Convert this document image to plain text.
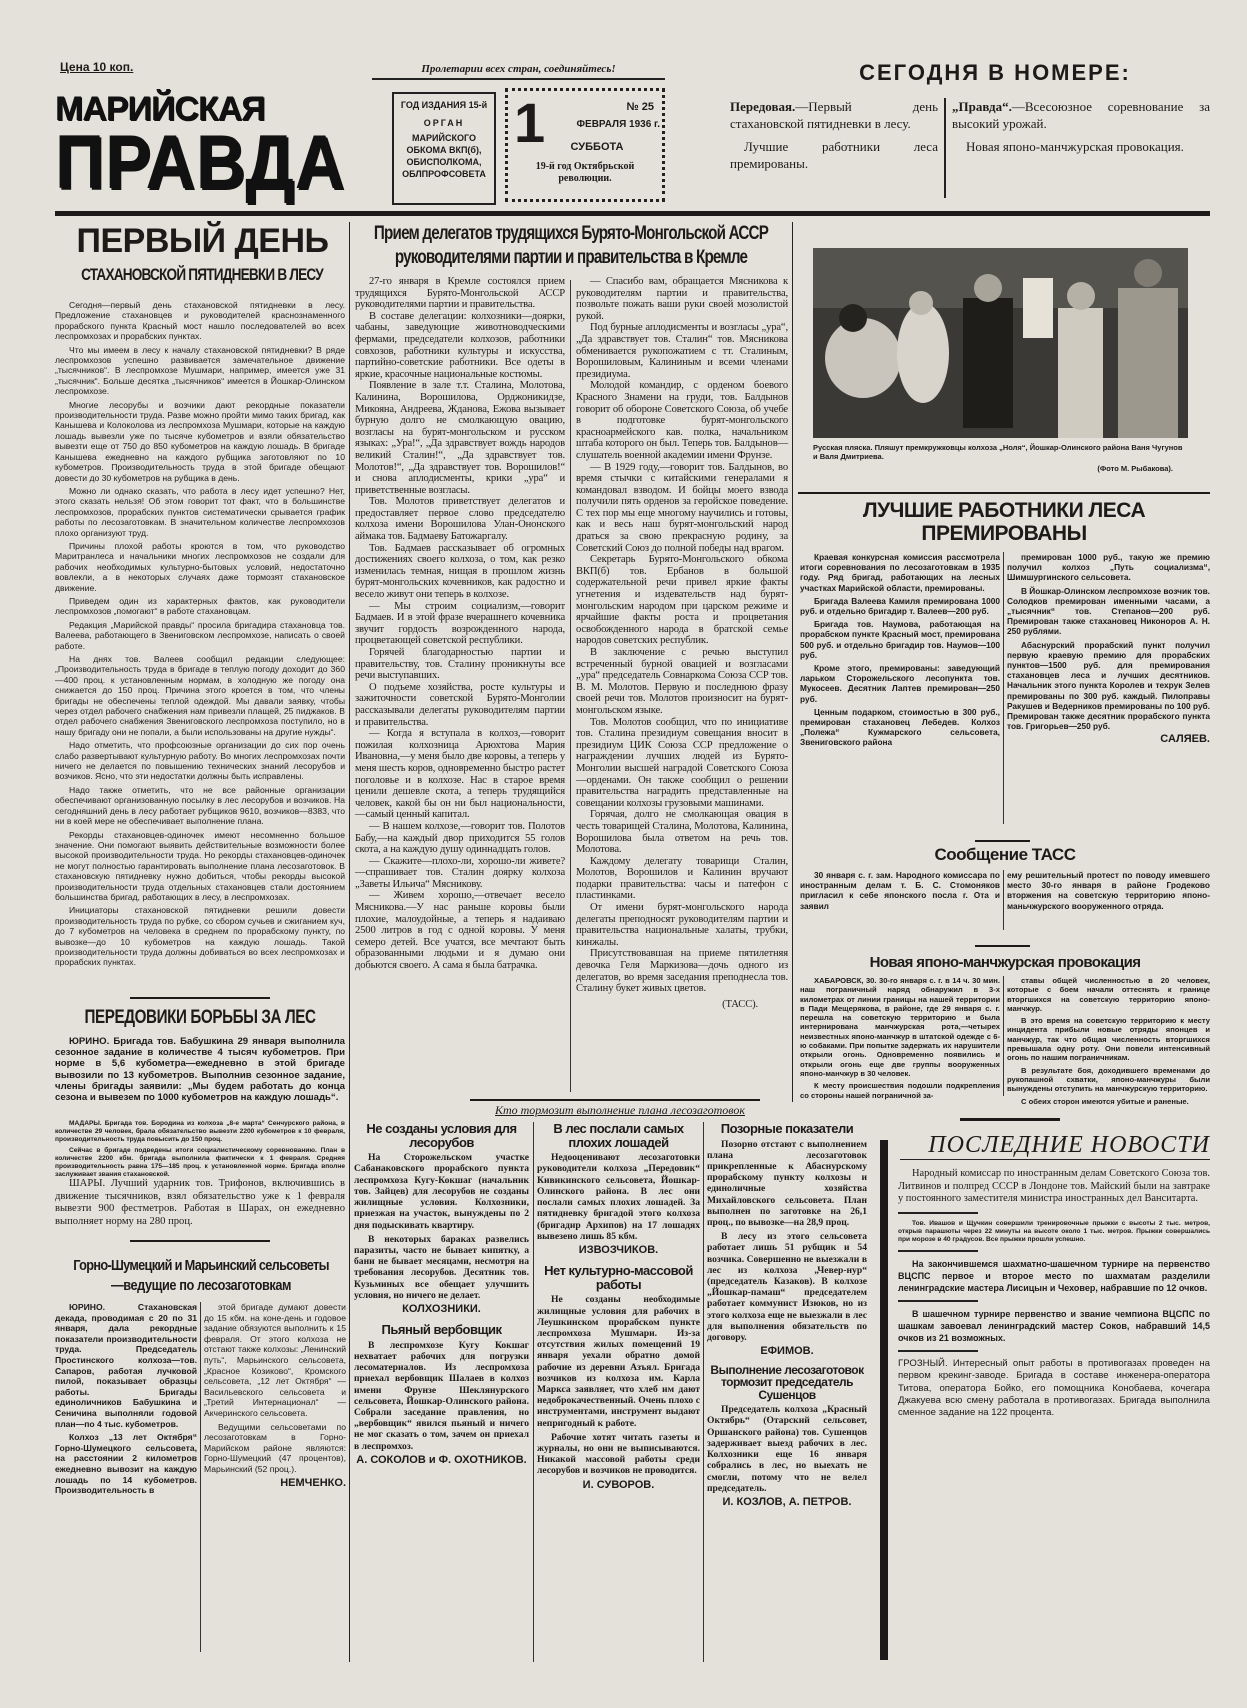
Цена 10 коп.	Пролетарии всех стран, соединяйтесь!
МАРИЙСКАЯ
ПРАВДА
ГОД ИЗДАНИЯ 15-й
ОРГАН
МАРИЙСКОГО ОБКОМА ВКП(б), ОБИСПОЛКОМА, ОБЛПРОФСОВЕТА
1	№ 25
ФЕВРАЛЯ 1936 г.
СУББОТА
19-й год Октябрьской революции.
СЕГОДНЯ В НОМЕРЕ:
Передовая.—Первый день стахановской пятидневки в лесу.
Лучшие работники леса премированы.
„Правда“.—Всесоюзное соревнование за высокий урожай.
Новая японо-манчжурская провокация.
ПЕРВЫЙ ДЕНЬ
СТАХАНОВСКОЙ ПЯТИДНЕВКИ В ЛЕСУ

Сегодня—первый день стахановской пятидневки в лесу. Предложение стахановцев и руководителей краснознаменного прорабского пункта Красный мост нашло последователей во всех леспромхозах и прорабских пунктах.

Что мы имеем в лесу к началу стахановской пятидневки? В ряде леспромхозов успешно развивается замечательное движение „тысячников“. В леспромхозе Мушмари, например, имеется уже 31 „тысячник“. Больше десятка „тысячников“ имеется в Йошкар-Олинском леспромхозе.

Многие лесорубы и возчики дают рекордные показатели производительности труда. Разве можно пройти мимо таких бригад, как Канышева и Колоколова из леспромхоза Мушмари, которые на каждую лошадь вывезли уже по тысяче кубометров и взяли обязательство вывезти еще от 750 до 850 кубометров на каждую лошадь. В бригаде Канышева ежедневно на каждого рубщика заготовляют по 10 кубометров. Производительность труда в этой бригаде обещают довести до 30 кубометров на рубщика в день.

Можно ли однако сказать, что работа в лесу идет успешно? Нет, этого сказать нельзя! Об этом говорит тот факт, что в большинстве леспромхозов, прорабских пунктов систематически срывается график работы по лесозаготовкам. В значительном количестве леспромхозов плохо организуют труд.

Причины плохой работы кроются в том, что руководство Маритранлеса и начальники многих леспромхозов не создали для рабочих необходимых культурно-бытовых условий, недостаточно вовлекли, а в некоторых случаях даже тормозят стахановское движение.

Приведем один из характерных фактов, как руководители леспромхозов „помогают“ в работе стахановцам.

Редакция „Марийской правды“ просила бригадира стахановца тов. Валеева, работающего в Звениговском леспромхозе, написать о своей работе.

На днях тов. Валеев сообщил редакции следующее: „Производительность труда в бригаде в теплую погоду доходит до 360—400 проц. к установленным нормам, в холодную же погоду она снижается до 150 проц. Причина этого кроется в том, что члены бригады не обеспечены теплой одеждой. Мы давали заявку, чтобы через отдел рабочего снабжения нам привезли плащей, 25 пиджаков. В отдел рабочего снабжения Звениговского леспромхоза поступило, но в нашу бригаду они не попали, а были использованы на другие нужды“.

Надо отметить, что профсоюзные организации до сих пор очень слабо развертывают культурную работу. Во многих леспромхозах почти ничего не делается по повышению технических знаний лесорубов и возчиков. Ясно, что эти недостатки должны быть исправлены.

Надо также отметить, что не все районные организации обеспечивают организованную посылку в лес лесорубов и возчиков. На сегодняшний день в лесу работает рубщиков 9610, возчиков—8383, что ни в коей мере не обеспечивает выполнение плана.

Рекорды стахановцев-одиночек имеют несомненно большое значение. Они помогают выявить действительные возможности более высокой производительности труда. Но рекорды стахановцев-одиночек не могут полностью гарантировать выполнение плана лесозаготовок. В стахановскую пятидневку нужно добиться, чтобы рекорды высокой производительности труда отдельных стахановцев стали достоянием большинства бригад, работающих в лесу, в леспромхозах.

Инициаторы стахановской пятидневки решили довести производительность труда по рубке, со сбором сучьев и сжиганием куч, до 7 кубометров на человека в среднем по прорабскому пункту, по вывозке—до 10 кубометров на каждую лошадь. Такой производительности труда должны добиваться во всех леспромхозах и прорабских пунктах.

ПЕРЕДОВИКИ БОРЬБЫ ЗА ЛЕС

ЮРИНО. Бригада тов. Бабушкина 29 января выполнила сезонное задание в количестве 4 тысяч кубометров. При норме в 5,6 кубометра—ежедневно в этой бригаде вывозили по 13 кубометров. Выполнив сезонное задание, члены бригады заявили: „Мы будем работать до конца сезона и вывезем по 1000 кубометров на каждую лошадь“.

МАДАРЫ. Бригада тов. Бородина из колхоза „8-е марта“ Сенчурского района, в количестве 29 человек, брала обязательство вывезти 2200 кубометров к 10 февраля, производительность труда повысить до 150 проц.

Сейчас в бригаде подведены итоги социалистическому соревнованию. План в количестве 2200 кбм. бригада выполнила фактически к 1 февраля. Средняя производительность равна 175—185 проц. к установленной норме. Бригада вполне заслуживает звания стахановской.

ШАРЫ. Лучший ударник тов. Трифонов, включившись в движение тысячников, взял обязательство уже к 1 февраля вывезти 900 фестметров. Работая в Шарах, он ежедневно выполняет норму на 280 проц.

Горно-Шумецкий и Марьинский сельсоветы
—ведущие по лесозаготовкам

ЮРИНО. Стахановская декада, проводимая с 20 по 31 января, дала рекордные показатели производительности труда. Председатель Простинского колхоза—тов. Сапаров, работая лучковой пилой, показывает образцы работы. Бригады единоличников Бабушкина и Сеничина выполняли годовой план—по 4 тыс. кубометров.

Колхоз „13 лет Октября“ Горно-Шумецкого сельсовета, на расстоянии 2 километров ежедневно вывозит на каждую лошадь по 14 кубометров. Производительность в

этой бригаде думают довести до 15 кбм. на коне-день и годовое задание обязуются выполнить к 15 февраля. От этого колхоза не отстают также колхозы: „Ленинский путь“, Марьинского сельсовета, „Красное Козиково“, Кромского сельсовета, „12 лет Октября“ — Васильевского сельсовета и „Третий Интернационал“ — Акчеринского сельсовета.

Ведущими сельсоветами по лесозаготовкам в Горно-Марийском районе являются: Горно-Шумецкий (47 процентов), Марьинский (52 проц.).

НЕМЧЕНКО.
Прием делегатов трудящихся Бурято-Монгольской АССР
руководителями партии и правительства в Кремле

27-го января в Кремле состоялся прием трудящихся Бурято-Монгольской АССР руководителями партии и правительства.

В составе делегации: колхозники—доярки, чабаны, заведующие животноводческими фермами, председатели колхозов, работники совхозов, работники культуры и искусства, партийно-советские работники. Все одеты в яркие, красочные национальные костюмы.

Появление в зале т.т. Сталина, Молотова, Калинина, Ворошилова, Орджоникидзе, Микояна, Андреева, Жданова, Ежова вызывает бурную долго не смолкающую овацию, возгласы на бурят-монгольском и русском языках: „Ура!“, „Да здравствует вождь народов великий Сталин!“, „Да здравствует тов. Молотов!“, „Да здравствует тов. Ворошилов!“ и снова аплодисменты, крики „ура“ и приветственные возгласы.

Тов. Молотов приветствует делегатов и предоставляет первое слово председателю колхоза имени Ворошилова Улан-Ононского аймака тов. Бадмаеву Батожаргалу.

Тов. Бадмаев рассказывает об огромных достижениях своего колхоза, о том, как резко изменилась темная, нищая в прошлом жизнь бурят-монгольских кочевников, как радостно и весело живут они теперь в колхозе.

— Мы строим социализм,—говорит Бадмаев. И в этой фразе вчерашнего кочевника звучит гордость возрожденного народа, процветающей советской республики.

Горячей благодарностью партии и правительству, тов. Сталину проникнуты все речи выступавших.

О подъеме хозяйства, росте культуры и зажиточности советской Бурято-Монголии рассказывали делегаты руководителям партии и правительства.

— Когда я вступала в колхоз,—говорит пожилая колхозница Арюхтова Мария Ивановна,—у меня было две коровы, а теперь у меня шесть коров, одновременно быстро растет поголовье и в колхозе. Нас в старое время ценили дешевле скота, а теперь трудящийся человек, какой бы он ни был национальности,—самый ценный капитал.

— В нашем колхозе,—говорит тов. Полотов Бабу,—на каждый двор приходится 55 голов скота, а на каждую душу одиннадцать голов.

— Скажите—плохо-ли, хорошо-ли живете?—спрашивает тов. Сталин доярку колхоза „Заветы Ильича“ Мясникову.

— Живем хорошо,—отвечает весело Мясникова.—У нас раньше коровы были плохие, малоудойные, а теперь я надаиваю 2500 литров в год с одной коровы. У меня семеро детей. Все учатся, все мечтают быть образованными людьми и я думаю они добьются своего. А сама я была батрачка.

— Спасибо вам, обращается Мясникова к руководителям партии и правительства, позвольте пожать ваши руки своей мозолистой рукой.

Под бурные аплодисменты и возгласы „ура“, „Да здравствует тов. Сталин“ тов. Мясникова обменивается рукопожатием с тт. Сталиным, Ворошиловым, Калининым и всеми членами президиума.

Молодой командир, с орденом боевого Красного Знамени на груди, тов. Балдынов говорит об обороне Советского Союза, об учебе в подготовке бурят-монгольского красноармейского кав. полка, начальником штаба которого он был. Теперь тов. Балдынов—слушатель военной академии имени Фрунзе.

— В 1929 году,—говорит тов. Балдынов, во время стычки с китайскими генералами я командовал взводом. И бойцы моего взвода получили пять орденов за геройское поведение. С тех пор мы еще многому научились и готовы, как и весь наш бурят-монгольский народ драться за свою прекрасную родину, за Советский Союз до полной победы над врагом.

Секретарь Бурято-Монгольского обкома ВКП(б) тов. Ербанов в большой содержательной речи привел яркие факты угнетения и издевательств над бурят-монгольским народом при царском режиме и ярчайшие факты роста и процветания освобожденного народа в братской семье народов советских республик.

В заключение с речью выступил встреченный бурной овацией и возгласами „ура“ председатель Совнаркома Союза ССР тов. В. М. Молотов. Первую и последнюю фразу своей речи тов. Молотов произносит на бурят-монгольском языке.

Тов. Молотов сообщил, что по инициативе тов. Сталина президиум совещания вносит в президиум ЦИК Союза ССР предложение о награждении лучших людей из Бурято-Монголии высшей наградой Советского Союза—орденами. Он также сообщил о решении правительства наградить представленные на совещании колхозы грузовыми машинами.

Горячая, долго не смолкающая овация в честь товарищей Сталина, Молотова, Калинина, Ворошилова была ответом на речь тов. Молотова.

Каждому делегату товарищи Сталин, Молотов, Ворошилов и Калинин вручают подарки правительства: часы и патефон с пластинками.

От имени бурят-монгольского народа делегаты преподносят руководителям партии и правительства национальные халаты, трубки, кинжалы.

Присутствовавшая на приеме пятилетняя девочка Геля Маркизова—дочь одного из делегатов, во время заседания преподнесла тов. Сталину букет живых цветов.

(ТАСС).
Кто тормозит выполнение плана лесозаготовок
Не созданы условия для лесорубов

На Сторожельском участке Сабанаковского прорабского пункта леспромхоза Кугу-Кокшаг (начальник тов. Зайцев) для лесорубов не созданы жилищные условия. Колхозники, приезжая на участок, вынуждены по 2 дня подыскивать квартиру.

В некоторых бараках развелись паразиты, часто не бывает кипятку, а бани не бывает месяцами, несмотря на требования лесорубов. Десятник тов. Кузьминых все обещает улучшить условия, но ничего не делает.

КОЛХОЗНИКИ.
Пьяный вербовщик

В леспромхозе Кугу Кокшаг нехватает рабочих для погрузки лесоматериалов. Из леспромхоза приехал вербовщик Шалаев в колхоз имени Фрунзе Шеклянурского сельсовета, Йошкар-Олинского района. Собрали заседание правления, но „вербовщик“ явился пьяный и ничего не мог сказать о том, зачем он приехал в леспромхоз.

А. СОКОЛОВ и Ф. ОХОТНИКОВ.
В лес послали самых плохих лошадей

Недооценивают лесозаготовки руководители колхоза „Передовик“ Кивикинского сельсовета, Йошкар-Олинского района. В лес они послали самых плохих лошадей. За пятидневку бригадой этого колхоза (бригадир Архипов) на 17 лошадях вывезено лишь 85 кбм.

ИЗВОЗЧИКОВ.
Нет культурно-массовой работы

Не созданы необходимые жилищные условия для рабочих в Леушкинском прорабском пункте леспромхоза Мушмари. Из-за отсутствия жилых помещений 19 января уехали обратно домой рабочие из деревни Азъял. Бригада возчиков из колхоза им. Карла Маркса заявляет, что хлеб им дают недоброкачественный. Очень плохо с инструментами, инструмент выдают непригодный к работе.

Рабочие хотят читать газеты и журналы, но они не выписываются. Никакой массовой работы среди лесорубов и возчиков не проводится.

И. СУВОРОВ.
Позорные показатели

Позорно отстают с выполнением плана лесозаготовок прикрепленные к Абаснурскому прорабскому пункту колхозы и единоличные хозяйства Михайловского сельсовета. План выполнен по заготовке на 26,1 проц., по вывозке—на 28,9 проц.

В лесу из этого сельсовета работает лишь 51 рубщик и 54 возчика. Совершенно не выезжали в лес из колхоза „Чевер-нур“ (председатель Казаков). В колхозе „Йошкар-памаш“ председателем работает коммунист Изюков, но из этого колхоза еще не выезжали в лес для выполнения обязательств по договору.

ЕФИМОВ.
Выполнение лесозаготовок тормозит председатель Сушенцов

Председатель колхоза „Красный Октябрь“ (Отарский сельсовет, Оршанского района) тов. Сушенцов задерживает выезд рабочих в лес. Колхозники еще 16 января собрались в лес, но выехать не смогли, потому что не велел председатель.

И. КОЗЛОВ, А. ПЕТРОВ.
Русская пляска. Пляшут премкружковцы колхоза „Ноля“, Йошкар-Олинского района Ваня Чугунов и Валя Дмитриева.
(Фото М. Рыбакова).
ЛУЧШИЕ РАБОТНИКИ ЛЕСА
ПРЕМИРОВАНЫ

Краевая конкурсная комиссия рассмотрела итоги соревнования по лесозаготовкам в 1935 году. Ряд бригад, работающих на лесных участках Марийской области, премированы.

Бригада Валеева Камиля премирована 1000 руб. и отдельно бригадир т. Валеев—200 руб.

Бригада тов. Наумова, работающая на прорабском пункте Красный мост, премирована 500 руб. и отдельно бригадир тов. Наумов—100 руб.

Кроме этого, премированы: заведующий ларьком Сторожельского лесопункта тов. Мукосеев. Десятник Лаптев премирован—250 руб.

Ценным подарком, стоимостью в 300 руб., премирован стахановец Лебедев. Колхоз „Полежа“ Кужмарского сельсовета, Звениговского района

премирован 1000 руб., такую же премию получил колхоз „Путь социализма“, Шимшургинского сельсовета.

В Йошкар-Олинском леспромхозе возчик тов. Солодков премирован именными часами, а „тысячник“ тов. Степанов—200 руб. Премирован также стахановец Никоноров А. Н. 250 рублями.

Абаснурский прорабский пункт получил первую краевую премию для прорабских пунктов—1500 руб. для премирования стахановцев леса и лучших десятников. Начальник этого пункта Королев и техрук Зелев премированы по 300 руб. каждый. Пилоправы Ракушев и Ведерников премированы по 100 руб. Премирован также десятник прорабского пункта тов. Григорьев—250 руб.

САЛЯЕВ.
Сообщение ТАСС

30 января с. г. зам. Народного комиссара по иностранным делам т. Б. С. Стомоняков пригласил к себе японского посла г. Ота и заявил

ему решительный протест по поводу имевшего место 30-го января в районе Гродеково вторжения на советскую территорию японо-маньчжурского вооруженного отряда.

Новая японо-манчжурская провокация

ХАБАРОВСК, 30. 30-го января с. г. в 14 ч. 30 мин. наш пограничный наряд обнаружил в 3-х километрах от линии границы на нашей территории в Пади Мещерякова, в районе, где 29 января с. г. перешла на советскую территорию и была интернирована манчжурская рота,—четырех неизвестных японо-манчжур в штатской одежде с 6-ю собаками. При попытке задержать их нарушители открыли огонь. Одновременно появились и открыли огонь еще две группы вооруженных японо-манчжур в 30 человек.

К месту происшествия подошли подкрепления со стороны нашей пограничной за-

ставы общей численностью в 20 человек, которые с боем начали оттеснять к границе вторгшихся на советскую территорию японо-манчжур.

В это время на советскую территорию к месту инцидента прибыли новые отряды японцев и манчжур, так что общая численность вторгшихся превышала одну роту. Они повели интенсивный огонь по нашим пограничникам.

В результате боя, доходившего временами до рукопашной схватки, японо-манчжуры были вынуждены отступить на манчжурскую территорию.

С обеих сторон имеются убитые и раненые.

ПОСЛЕДНИЕ НОВОСТИ

Народный комиссар по иностранным делам Советского Союза тов. Литвинов и полпред СССР в Лондоне тов. Майский были на завтраке у постоянного заместителя министра иностранных дел Ванситарта.

Тов. Ивашов и Щучкин совершили тренировочные прыжки с высоты 2 тыс. метров, открыв парашюты через 22 минуты на высоте около 1 тыс. метров. Прыжки совершались при морозе в 40 градусов. Все прыжки прошли успешно.

На закончившемся шахматно-шашечном турнире на первенство ВЦСПС первое и второе место по шахматам разделили ленинградские мастера Лисицын и Чеховер, набравшие по 12 очков.

В шашечном турнире первенство и звание чемпиона ВЦСПС по шашкам завоевал ленинградский мастер Соков, набравший 14,5 очков из 21 возможных.

ГРОЗНЫЙ. Интересный опыт работы в противогазах проведен на первом крекинг-заводе. Бригада в составе инженера-оператора Титова, оператора Бойко, его помощника Конобаева, кочегара Джакуева всю смену работала в противогазах. Бригада выполнила сменное задание на 122 процента.
